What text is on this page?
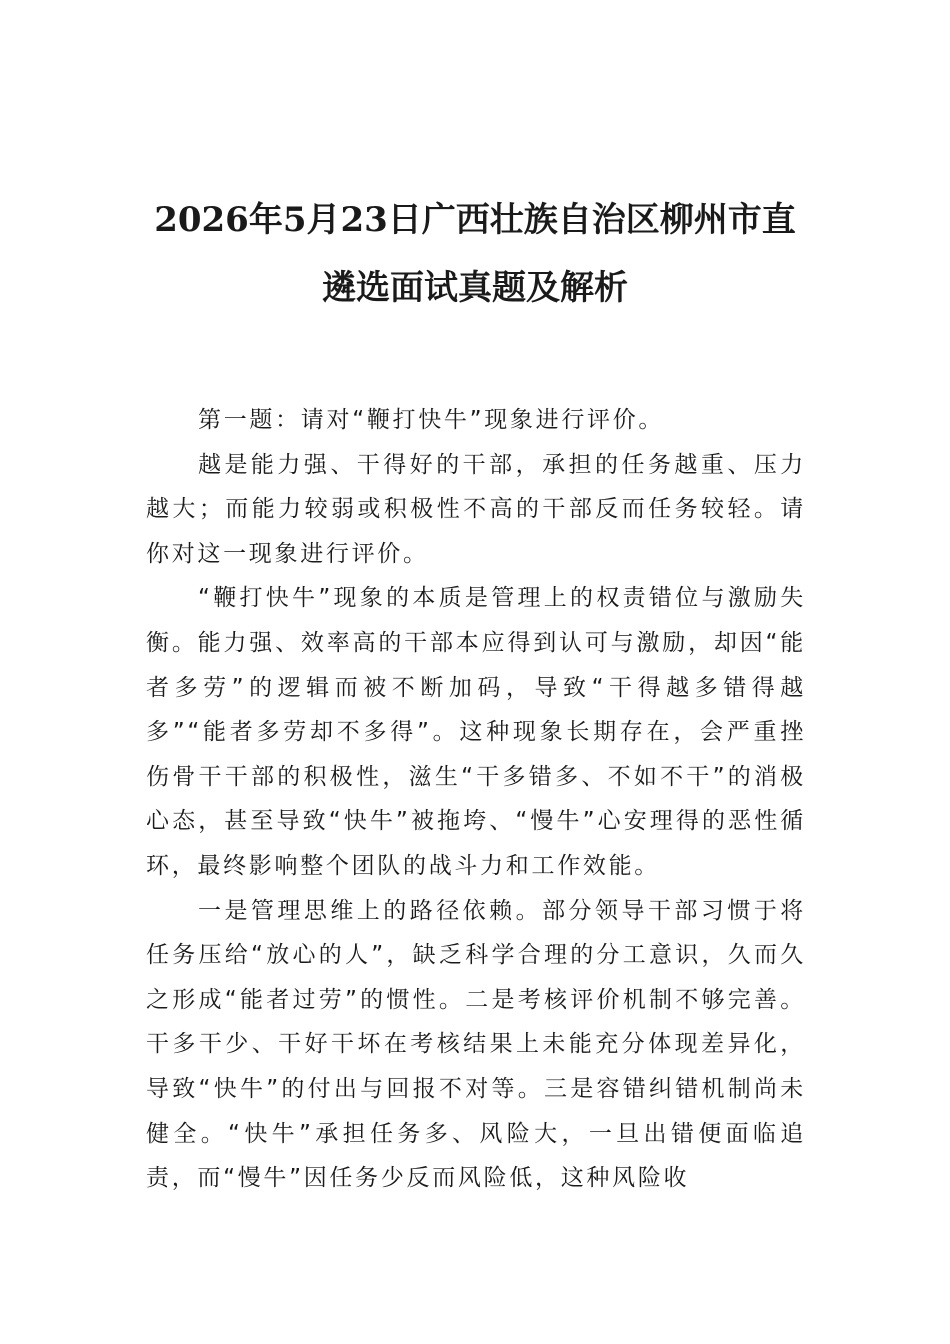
2026年5月23日广西壮族自治区柳州市直
遴选面试真题及解析

第一题：请对“鞭打快牛”现象进行评价。

越是能力强、干得好的干部，承担的任务越重、压力越大；而能力较弱或积极性不高的干部反而任务较轻。请你对这一现象进行评价。

“鞭打快牛”现象的本质是管理上的权责错位与激励失衡。能力强、效率高的干部本应得到认可与激励，却因“能者多劳”的逻辑而被不断加码，导致“干得越多错得越多”“能者多劳却不多得”。这种现象长期存在，会严重挫伤骨干干部的积极性，滋生“干多错多、不如不干”的消极心态，甚至导致“快牛”被拖垮、“慢牛”心安理得的恶性循环，最终影响整个团队的战斗力和工作效能。

一是管理思维上的路径依赖。部分领导干部习惯于将任务压给“放心的人”，缺乏科学合理的分工意识，久而久之形成“能者过劳”的惯性。二是考核评价机制不够完善。干多干少、干好干坏在考核结果上未能充分体现差异化，导致“快牛”的付出与回报不对等。三是容错纠错机制尚未健全。“快牛”承担任务多、风险大，一旦出错便面临追责，而“慢牛”因任务少反而风险低，这种风险收
